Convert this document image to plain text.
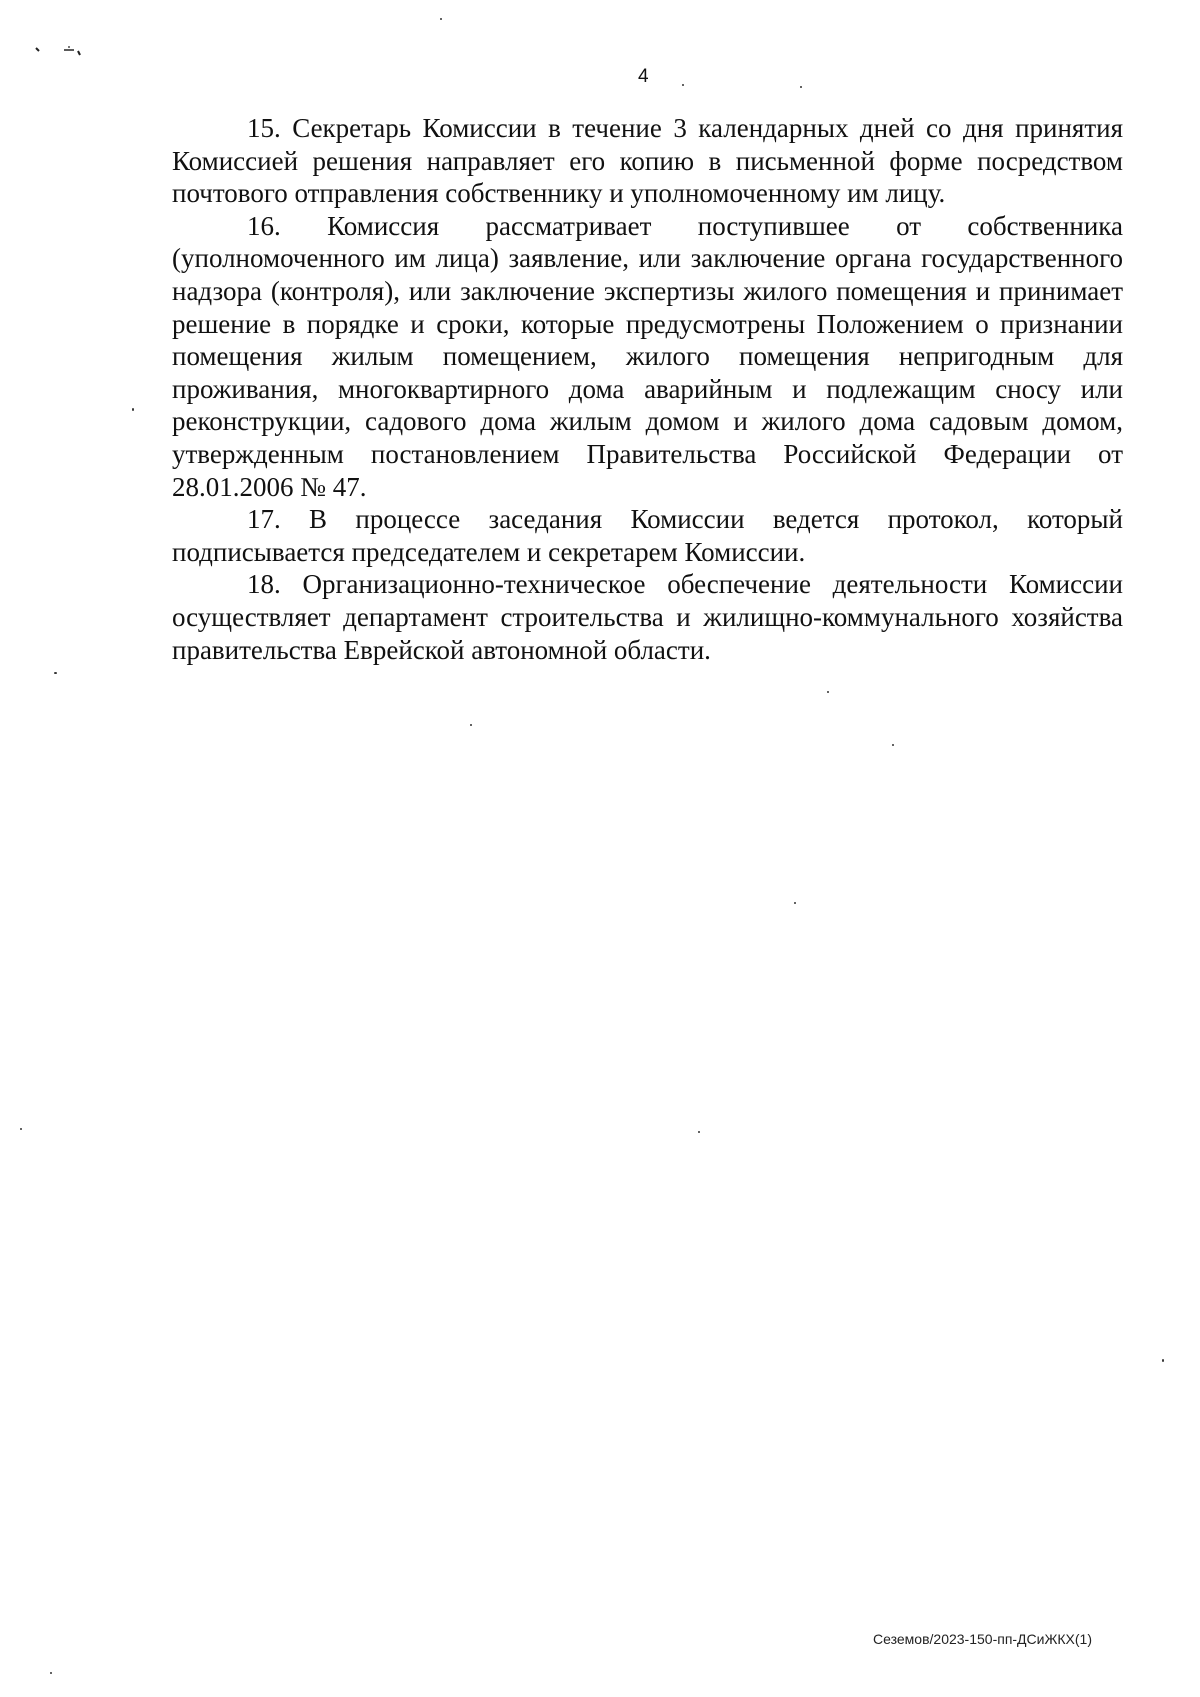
4

15. Секретарь Комиссии в течение 3 календарных дней со дня принятия Комиссией решения направляет его копию в письменной форме посредством почтового отправления собственнику и уполномоченному им лицу.

16. Комиссия рассматривает поступившее от собственника (уполномоченного им лица) заявление, или заключение органа государственного надзора (контроля), или заключение экспертизы жилого помещения и принимает решение в порядке и сроки, которые предусмотрены Положением о признании помещения жилым помещением, жилого помещения непригодным для проживания, многоквартирного дома аварийным и подлежащим сносу или реконструкции, садового дома жилым домом и жилого дома садовым домом, утвержденным постановлением Правительства Российской Федерации от 28.01.2006 № 47.

17. В процессе заседания Комиссии ведется протокол, который подписывается председателем и секретарем Комиссии.

18. Организационно-техническое обеспечение деятельности Комиссии осуществляет департамент строительства и жилищно-коммунального хозяйства правительства Еврейской автономной области.

Сеземов/2023-150-пп-ДСиЖКХ(1)
